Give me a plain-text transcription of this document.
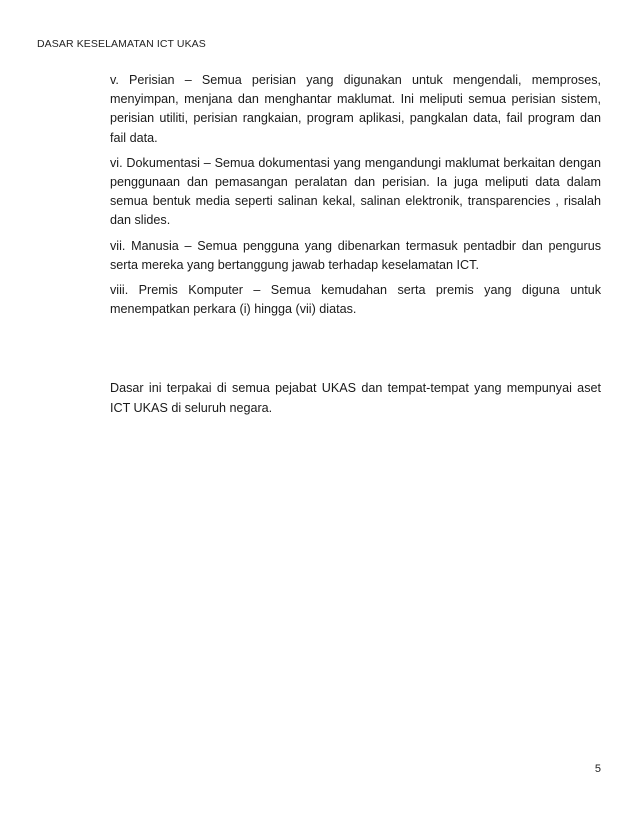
DASAR KESELAMATAN ICT UKAS

v. Perisian – Semua perisian yang digunakan untuk mengendali, memproses, menyimpan, menjana dan menghantar maklumat. Ini meliputi semua perisian sistem, perisian utiliti, perisian rangkaian, program aplikasi, pangkalan data, fail program dan fail data.

vi. Dokumentasi – Semua dokumentasi yang mengandungi maklumat berkaitan dengan penggunaan dan pemasangan peralatan dan perisian. Ia juga meliputi data dalam semua bentuk media seperti salinan kekal, salinan elektronik, transparencies , risalah dan slides.

vii. Manusia – Semua pengguna yang dibenarkan termasuk pentadbir dan pengurus serta mereka yang bertanggung jawab terhadap keselamatan ICT.

viii. Premis Komputer – Semua kemudahan serta premis yang diguna untuk menempatkan perkara (i) hingga (vii) diatas.

Dasar ini terpakai di semua pejabat UKAS dan tempat-tempat yang mempunyai aset ICT UKAS di seluruh negara.

5
